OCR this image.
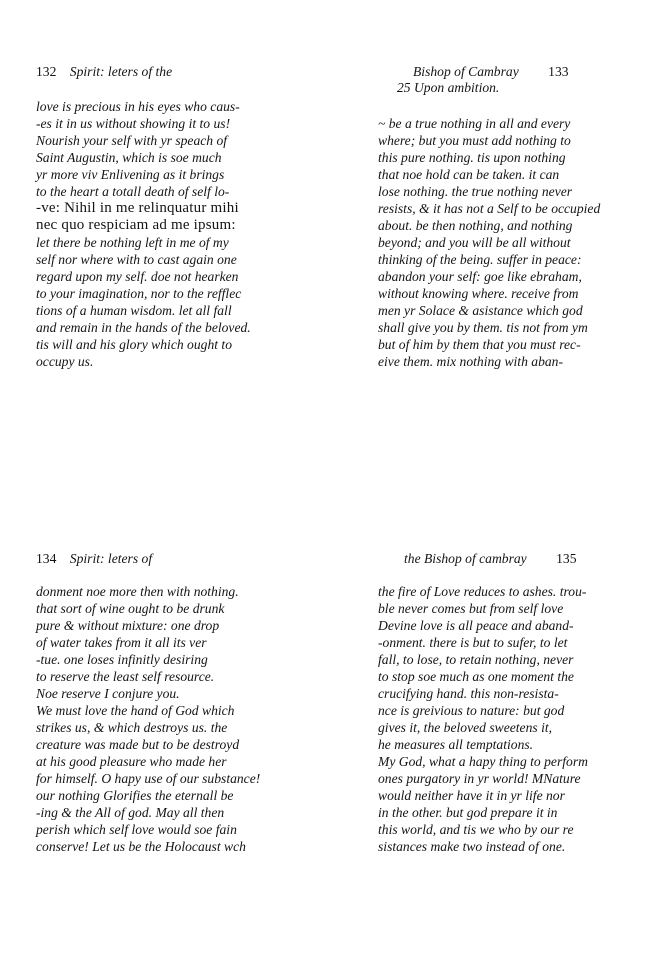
132 Spirit: leters of the
love is precious in his eyes who caus-
-es it in us without showing it to us!
Nourish your self with yr speach of
Saint Augustin, which is soe much
yr more viv Enlivening as it brings
to the heart a totall death of self lo-
-ve: Nihil in me relinquatur mihi
nec quo respiciam ad me ipsum:
let there be nothing left in me of my
self nor where with to cast again one
regard upon my self. doe not hearken
to your imagination, nor to the refflec
tions of a human wisdom. let all fall
and remain in the hands of the beloved.
tis will and his glory which ought to
occupy us.
Bishop of Cambray 133
25 Upon ambition.
~ be a true nothing in all and every
where; but you must add nothing to
this pure nothing. tis upon nothing
that noe hold can be taken. it can
lose nothing. the true nothing never
resists, & it has not a Self to be occupied
about. be then nothing, and nothing
beyond; and you will be all without
thinking of the being. suffer in peace:
abandon your self: goe like ebraham,
without knowing where. receive from
men yr Solace & asistance which god
shall give you by them. tis not from ym
but of him by them that you must rec-
eive them. mix nothing with aban-
134 Spirit: leters of
donment noe more then with nothing.
that sort of wine ought to be drunk
pure & without mixture: one drop
of water takes from it all its ver
-tue. one loses infinitly desiring
to reserve the least self resource.
Noe reserve I conjure you.
We must love the hand of God which
strikes us, & which destroys us. the
creature was made but to be destroyd
at his good pleasure who made her
for himself. O hapy use of our substance!
our nothing Glorifies the eternall be
-ing & the All of god. May all then
perish which self love would soe fain
conserve! Let us be the Holocaust wch
the Bishop of cambray 135
the fire of Love reduces to ashes. trou-
ble never comes but from self love
Devine love is all peace and aband-
-onment. there is but to sufer, to let
fall, to lose, to retain nothing, never
to stop soe much as one moment the
crucifying hand. this non-resista-
nce is greivious to nature: but god
gives it, the beloved sweetens it,
he measures all temptations.
My God, what a hapy thing to perform
ones purgatory in yr world! MNature
would neither have it in yr life nor
in the other. but god prepare it in
this world, and tis we who by our re
sistances make two instead of one.
